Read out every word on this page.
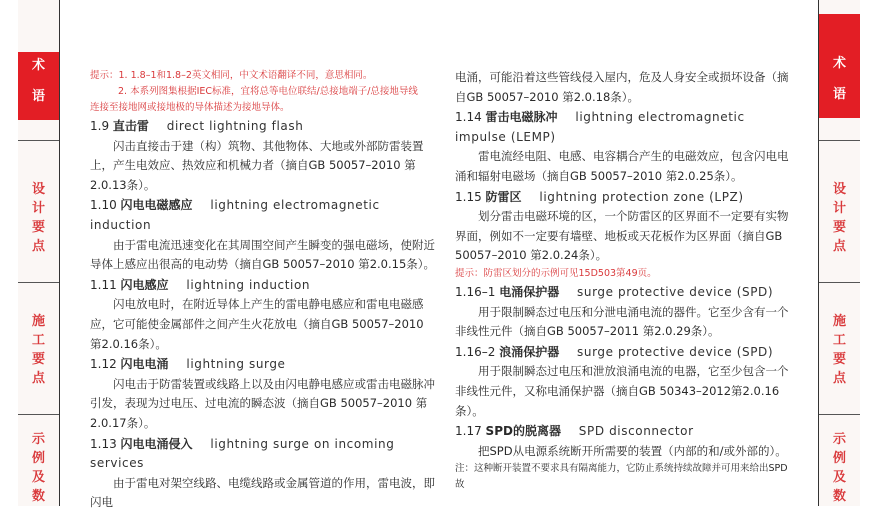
术
语
设
计
要
点
施
工
要
点
示
例
及
数
术
语
设
计
要
点
施
工
要
点
示
例
及
数

提示：1. 1.8–1和1.8–2英文相同，中文术语翻译不同，意思相同。

2. 本系列图集根据IEC标准，宜将总等电位联结/总接地端子/总接地导线

连接至接地网或接地极的导体描述为接地导体。

1.9 直击雷 direct lightning flash

闪击直接击于建（构）筑物、其他物体、大地或外部防雷装置上，产生电效应、热效应和机械力者（摘自GB 50057–2010 第2.0.13条）。

1.10 闪电电磁感应 lightning electromagnetic induction

由于雷电流迅速变化在其周围空间产生瞬变的强电磁场，使附近导体上感应出很高的电动势（摘自GB 50057–2010 第2.0.15条）。

1.11 闪电感应 lightning induction

闪电放电时，在附近导体上产生的雷电静电感应和雷电电磁感应，它可能使金属部件之间产生火花放电（摘自GB 50057–2010 第2.0.16条）。

1.12 闪电电涌 lightning surge

闪电击于防雷装置或线路上以及由闪电静电感应或雷击电磁脉冲引发，表现为过电压、过电流的瞬态波（摘自GB 50057–2010 第2.0.17条）。

1.13 闪电电涌侵入 lightning surge on incoming services

由于雷电对架空线路、电缆线路或金属管道的作用，雷电波，即闪电

电涌，可能沿着这些管线侵入屋内，危及人身安全或损坏设备（摘自GB 50057–2010 第2.0.18条）。

1.14 雷击电磁脉冲 lightning electromagnetic impulse (LEMP)

雷电流经电阻、电感、电容耦合产生的电磁效应，包含闪电电涌和辐射电磁场（摘自GB 50057–2010 第2.0.25条）。

1.15 防雷区 lightning protection zone (LPZ)

划分雷击电磁环境的区，一个防雷区的区界面不一定要有实物界面，例如不一定要有墙壁、地板或天花板作为区界面（摘自GB 50057–2010 第2.0.24条）。

提示：防雷区划分的示例可见15D503第49页。

1.16–1 电涌保护器 surge protective device (SPD)

用于限制瞬态过电压和分泄电涌电流的器件。它至少含有一个非线性元件（摘自GB 50057–2011 第2.0.29条）。

1.16–2 浪涌保护器 surge protective device (SPD)

用于限制瞬态过电压和泄放浪涌电流的电器，它至少包含一个非线性元件，又称电涌保护器（摘自GB 50343–2012第2.0.16条）。

1.17 SPD的脱离器 SPD disconnector

把SPD从电源系统断开所需要的装置（内部的和/或外部的）。

注：这种断开装置不要求具有隔离能力，它防止系统持续故障并可用来给出SPD故
